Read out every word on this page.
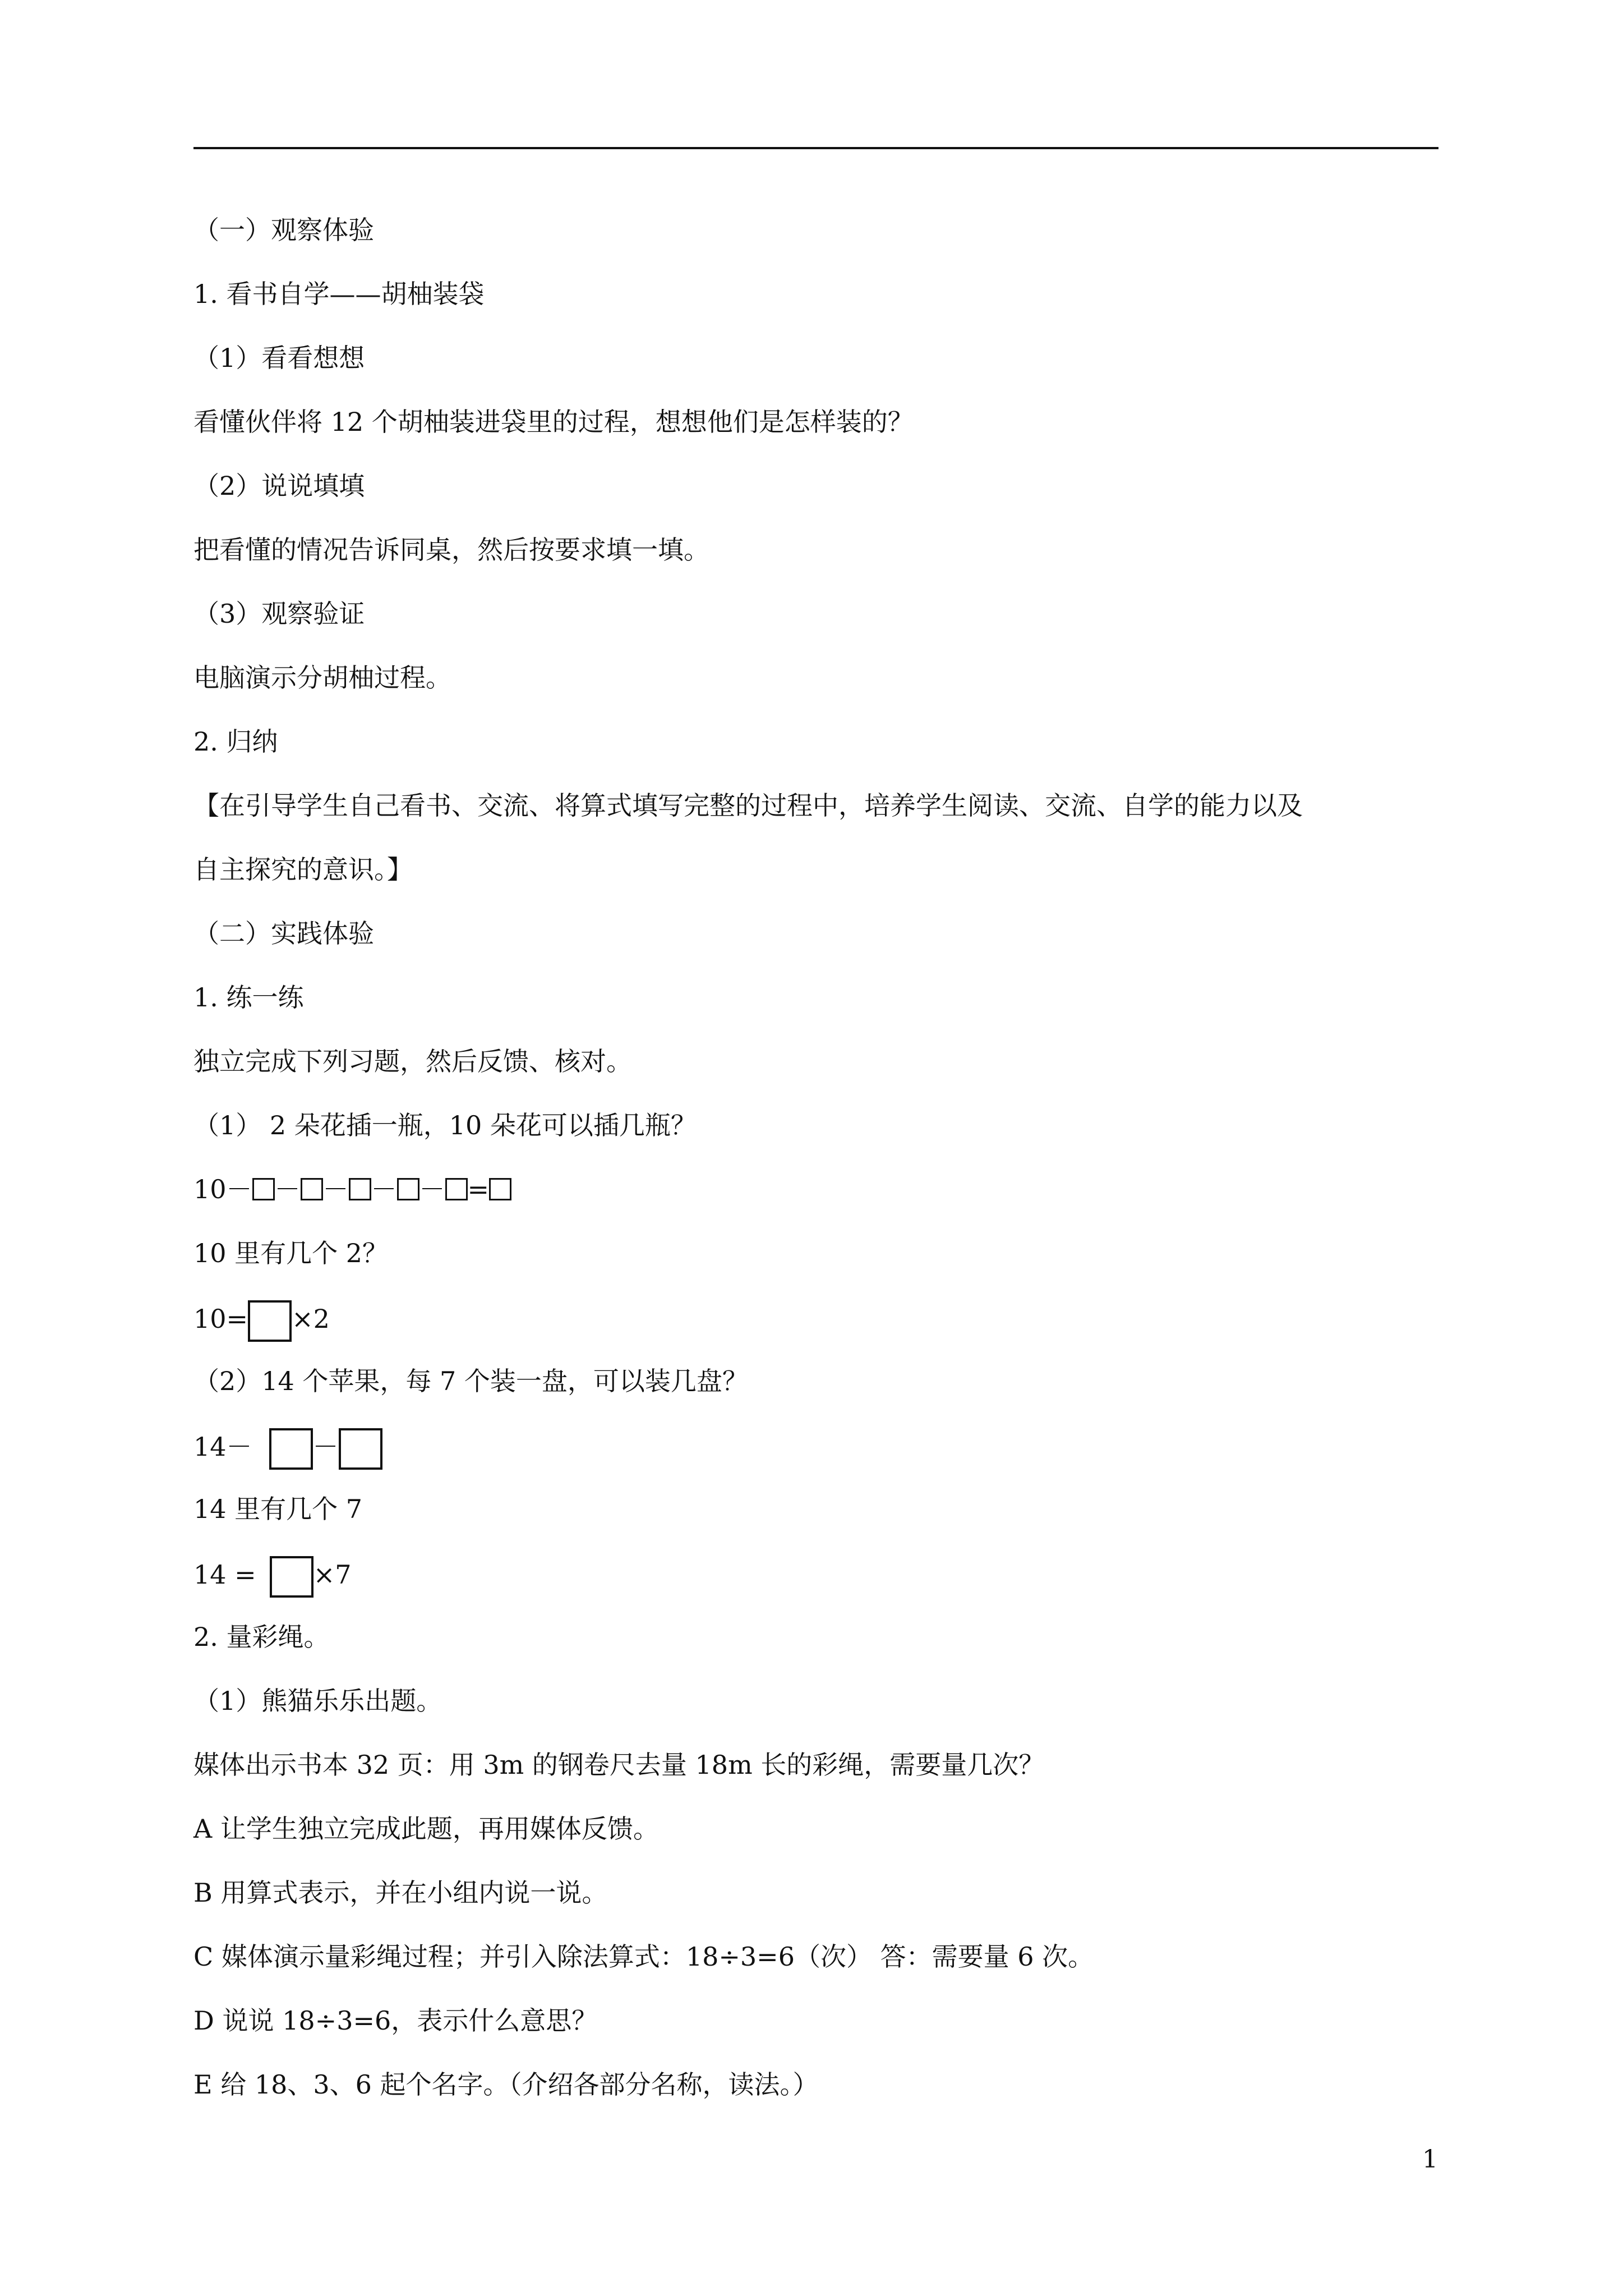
（一）观察体验
1. 看书自学——胡柚装袋
（1）看看想想
看懂伙伴将 12 个胡柚装进袋里的过程，想想他们是怎样装的？
（2）说说填填
把看懂的情况告诉同桌，然后按要求填一填。
（3）观察验证
电脑演示分胡柚过程。
2. 归纳
【在引导学生自己看书、交流、将算式填写完整的过程中，培养学生阅读、交流、自学的能力以及
自主探究的意识。】
（二）实践体验
1. 练一练
独立完成下列习题，然后反馈、核对。
（1） 2 朵花插一瓶，10 朵花可以插几瓶？
10－ － － － － =
10 里有几个 2？
10= ×2
（2）14 个苹果，每 7 个装一盘，可以装几盘？
14－ －
14 里有几个 7
14 = ×7
2. 量彩绳。
（1）熊猫乐乐出题。
媒体出示书本 32 页：用 3m 的钢卷尺去量 18m 长的彩绳，需要量几次？
A 让学生独立完成此题，再用媒体反馈。
B 用算式表示，并在小组内说一说。
C 媒体演示量彩绳过程；并引入除法算式：18÷3=6（次） 答：需要量 6 次。
D 说说 18÷3=6，表示什么意思？
E 给 18、3、6 起个名字。（介绍各部分名称，读法。）
1
